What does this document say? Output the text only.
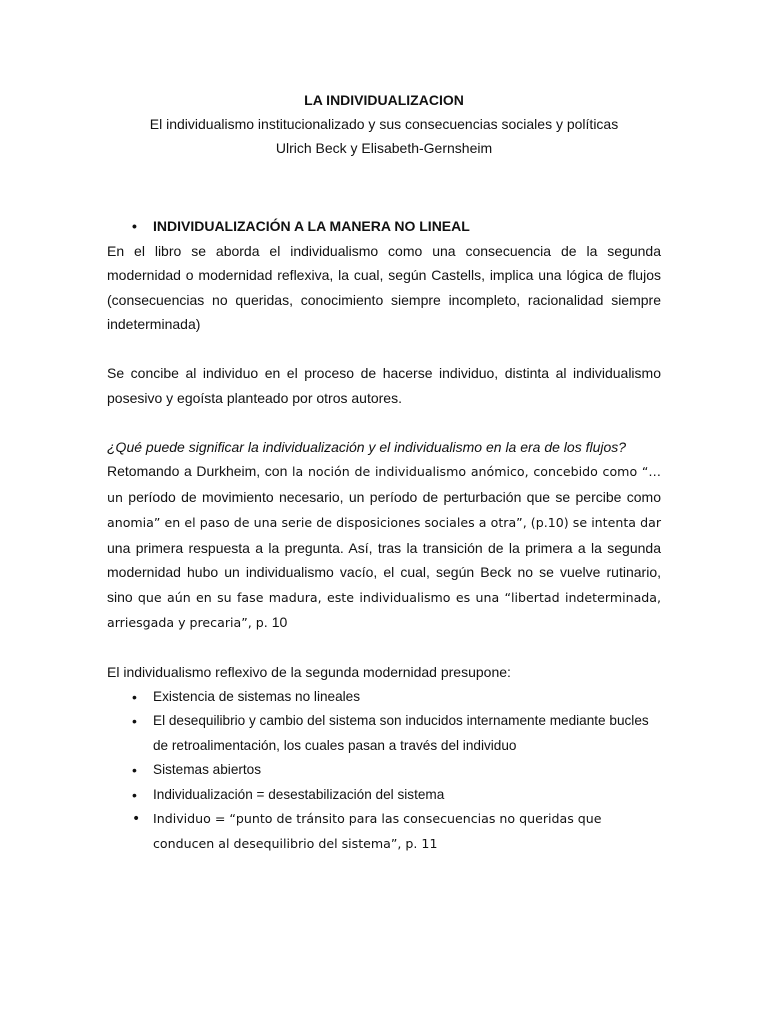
LA INDIVIDUALIZACION

El individualismo institucionalizado y sus consecuencias sociales y políticas

Ulrich Beck y Elisabeth-Gernsheim

• INDIVIDUALIZACIÓN A LA MANERA NO LINEAL

En el libro se aborda el individualismo como una consecuencia de la segunda modernidad o modernidad reflexiva, la cual, según Castells, implica una lógica de flujos (consecuencias no queridas, conocimiento siempre incompleto, racionalidad siempre indeterminada)

Se concibe al individuo en el proceso de hacerse individuo, distinta al individualismo posesivo y egoísta planteado por otros autores.

¿Qué puede significar la individualización y el individualismo en la era de los flujos?

Retomando a Durkheim, con la noción de individualismo anómico, concebido como “…un período de movimiento necesario, un período de perturbación que se percibe como anomia” en el paso de una serie de disposiciones sociales a otra”, (p.10) se intenta dar una primera respuesta a la pregunta. Así, tras la transición de la primera a la segunda modernidad hubo un individualismo vacío, el cual, según Beck no se vuelve rutinario, sino que aún en su fase madura, este individualismo es una “libertad indeterminada, arriesgada y precaria”, p. 10

El individualismo reflexivo de la segunda modernidad presupone:

• Existencia de sistemas no lineales
• El desequilibrio y cambio del sistema son inducidos internamente mediante bucles de retroalimentación, los cuales pasan a través del individuo
• Sistemas abiertos
• Individualización = desestabilización del sistema
• Individuo = “punto de tránsito para las consecuencias no queridas que conducen al desequilibrio del sistema”, p. 11
